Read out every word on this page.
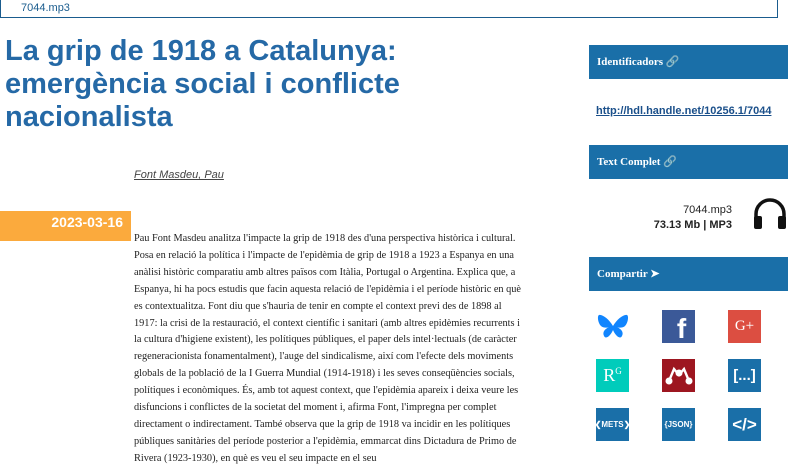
7044.mp3
La grip de 1918 a Catalunya: emergència social i conflicte nacionalista
Font Masdeu, Pau
2023-03-16

Pau Font Masdeu analitza l'impacte la grip de 1918 des d'una perspectiva històrica i cultural. Posa en relació la política i l'impacte de l'epidèmia de grip de 1918 a 1923 a Espanya en una anàlisi històric comparatiu amb altres països com Itàlia, Portugal o Argentina. Explica que, a Espanya, hi ha pocs estudis que facin aquesta relació de l'epidèmia i el període històric en què es contextualitza. Font diu que s'hauria de tenir en compte el context previ des de 1898 al 1917: la crisi de la restauració, el context científic i sanitari (amb altres epidèmies recurrents i la cultura d'higiene existent), les polítiques públiques, el paper dels intel·lectuals (de caràcter regeneracionista fonamentalment), l'auge del sindicalisme, així com l'efecte dels moviments globals de la població de la I Guerra Mundial (1914-1918) i les seves conseqüències socials, polítiques i econòmiques. És, amb tot aquest context, que l'epidèmia apareix i deixa veure les disfuncions i conflictes de la societat del moment i, afirma Font, l'impregna per complet directament o indirectament. També observa que la grip de 1918 va incidir en les polítiques públiques sanitàries del període posterior a l'epidèmia, emmarcat dins Dictadura de Primo de Rivera (1923-1930), en què es veu el seu impacte en el seu

Identificadors 🔗
http://hdl.handle.net/10256.1/7044
Text Complet 🔗
7044.mp3
73.13 Mb | MP3
Compartir ➤
f	G+
$R^G$	[...]
❮METS❯	{JSON} </>
